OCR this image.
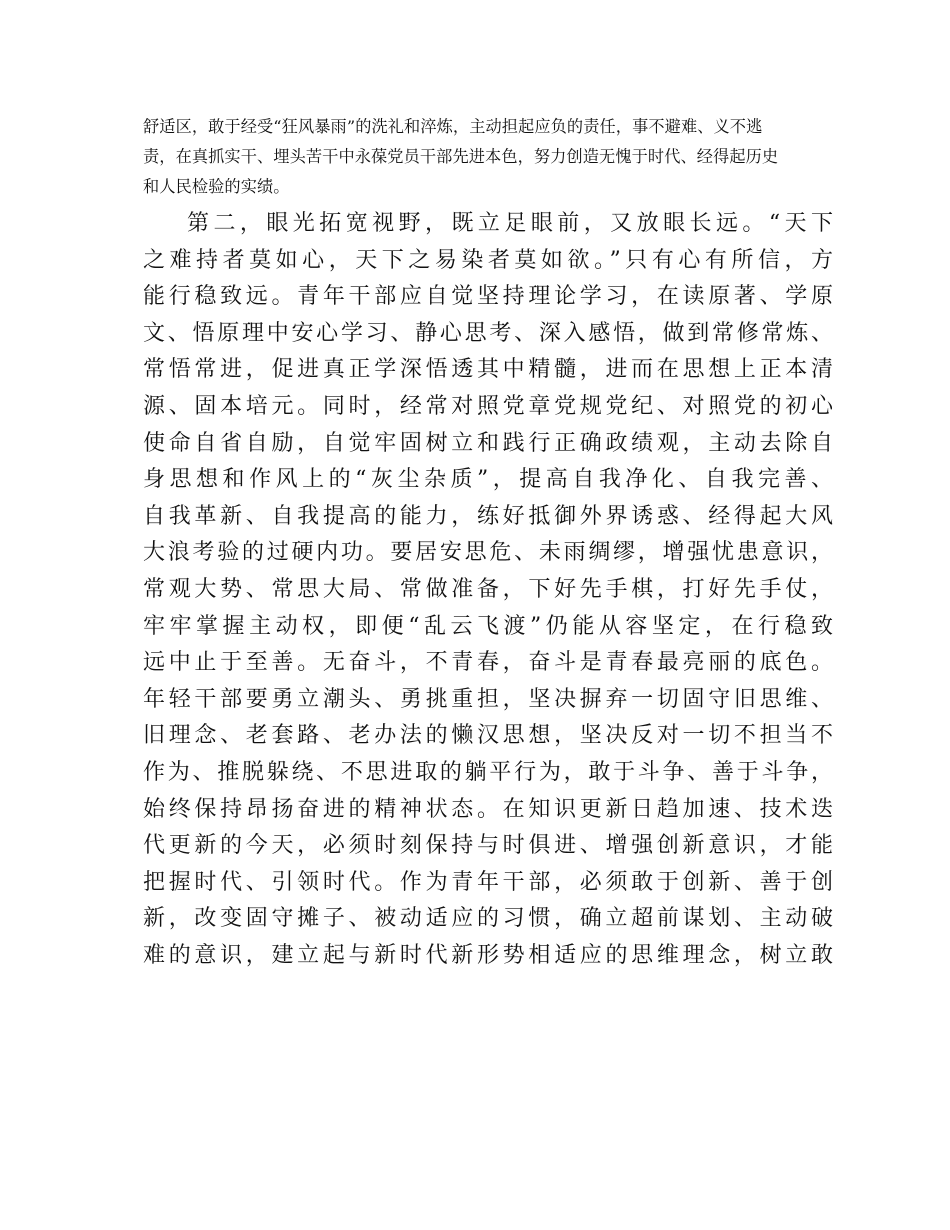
舒适区，敢于经受“狂风暴雨”的洗礼和淬炼，主动担起应负的责任，事不避难、义不逃
责，在真抓实干、埋头苦干中永葆党员干部先进本色，努力创造无愧于时代、经得起历史
和人民检验的实绩。
第二，眼光拓宽视野，既立足眼前，又放眼长远。“天下
之难持者莫如心，天下之易染者莫如欲。”只有心有所信，方
能行稳致远。青年干部应自觉坚持理论学习，在读原著、学原
文、悟原理中安心学习、静心思考、深入感悟，做到常修常炼、
常悟常进，促进真正学深悟透其中精髓，进而在思想上正本清
源、固本培元。同时，经常对照党章党规党纪、对照党的初心
使命自省自励，自觉牢固树立和践行正确政绩观，主动去除自
身思想和作风上的“灰尘杂质”，提高自我净化、自我完善、
自我革新、自我提高的能力，练好抵御外界诱惑、经得起大风
大浪考验的过硬内功。要居安思危、未雨绸缪，增强忧患意识，
常观大势、常思大局、常做准备，下好先手棋，打好先手仗，
牢牢掌握主动权，即便“乱云飞渡”仍能从容坚定，在行稳致
远中止于至善。无奋斗，不青春，奋斗是青春最亮丽的底色。
年轻干部要勇立潮头、勇挑重担，坚决摒弃一切固守旧思维、
旧理念、老套路、老办法的懒汉思想，坚决反对一切不担当不
作为、推脱躲绕、不思进取的躺平行为，敢于斗争、善于斗争，
始终保持昂扬奋进的精神状态。在知识更新日趋加速、技术迭
代更新的今天，必须时刻保持与时俱进、增强创新意识，才能
把握时代、引领时代。作为青年干部，必须敢于创新、善于创
新，改变固守摊子、被动适应的习惯，确立超前谋划、主动破
难的意识，建立起与新时代新形势相适应的思维理念，树立敢
